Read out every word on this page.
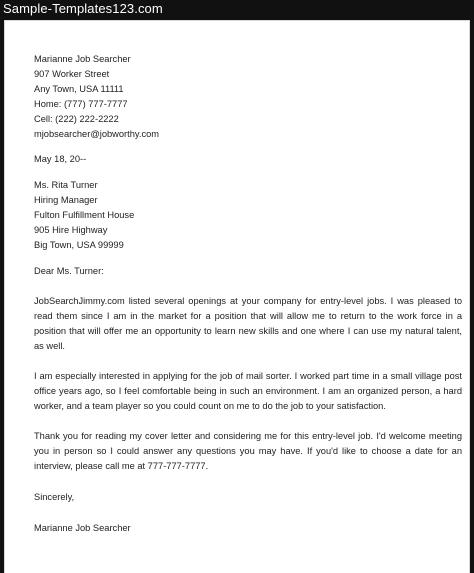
Sample-Templates123.com
Marianne Job Searcher
907 Worker Street
Any Town, USA 11111
Home: (777) 777-7777
Cell: (222) 222-2222
mjobsearcher@jobworthy.com
May 18, 20--
Ms. Rita Turner
Hiring Manager
Fulton Fulfillment House
905 Hire Highway
Big Town, USA 99999
Dear Ms. Turner:

JobSearchJimmy.com listed several openings at your company for entry-level jobs. I was pleased to read them since I am in the market for a position that will allow me to return to the work force in a position that will offer me an opportunity to learn new skills and one where I can use my natural talent, as well.

I am especially interested in applying for the job of mail sorter. I worked part time in a small village post office years ago, so I feel comfortable being in such an environment. I am an organized person, a hard worker, and a team player so you could count on me to do the job to your satisfaction.

Thank you for reading my cover letter and considering me for this entry-level job. I'd welcome meeting you in person so I could answer any questions you may have. If you'd like to choose a date for an interview, please call me at 777-777-7777.

Sincerely,
Marianne Job Searcher
